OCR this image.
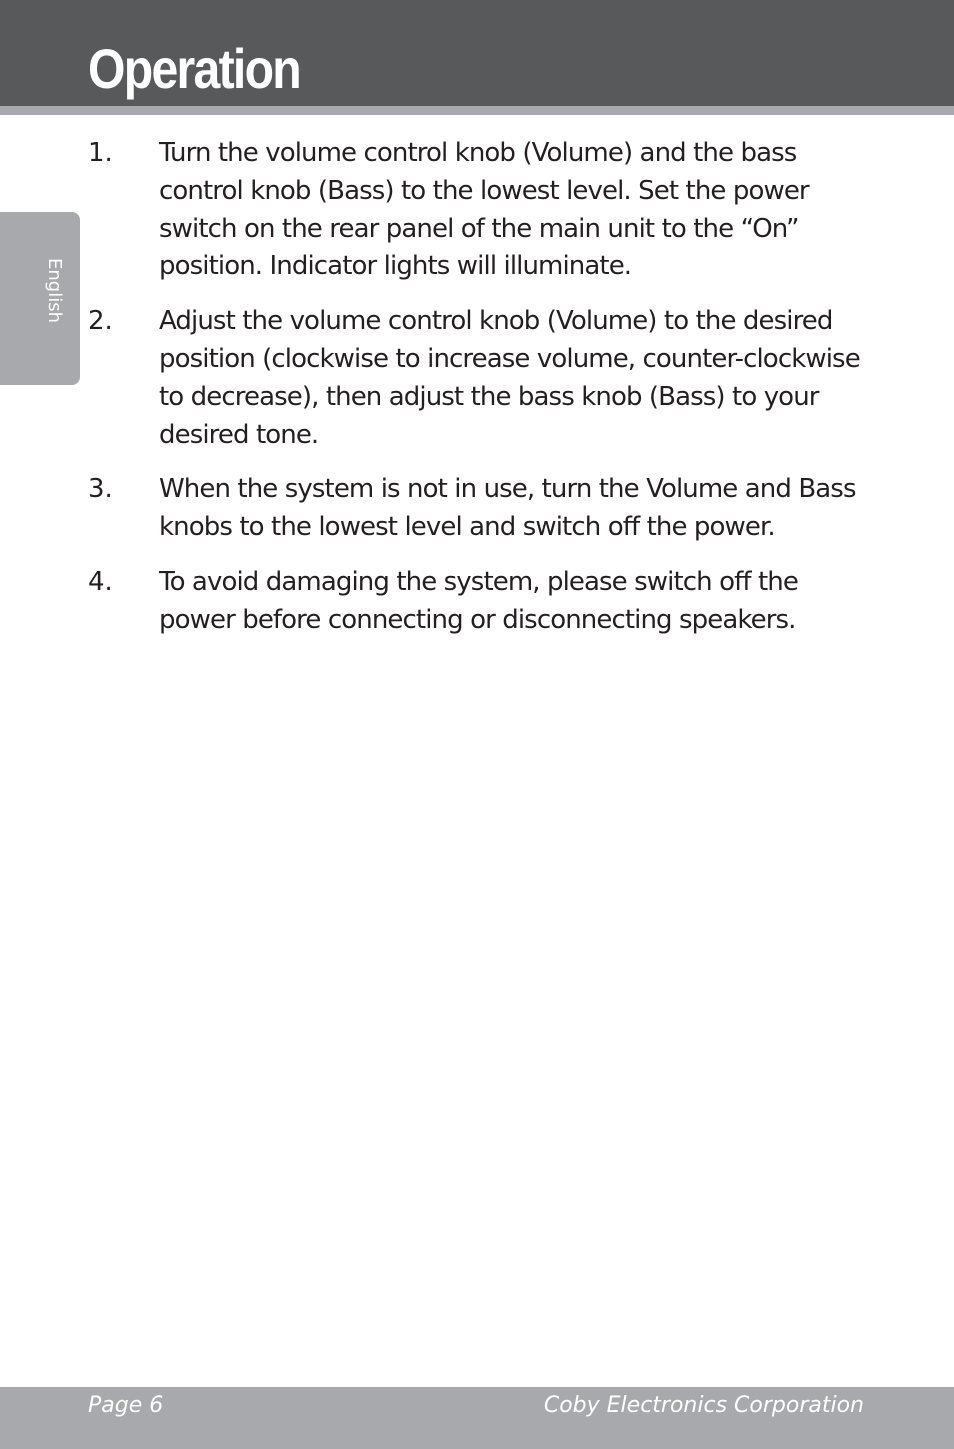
Operation
English
1.	Turn the volume control knob (Volume) and the bass control knob (Bass) to the lowest level. Set the power switch on the rear panel of the main unit to the “On” position. Indicator lights will illuminate.
2.	Adjust the volume control knob (Volume) to the desired position (clockwise to increase volume, counter-clockwise to decrease), then adjust the bass knob (Bass) to your desired tone.
3.	When the system is not in use, turn the Volume and Bass knobs to the lowest level and switch off the power.
4.	To avoid damaging the system, please switch off the power before connecting or disconnecting speakers.
Page 6	Coby Electronics Corporation
